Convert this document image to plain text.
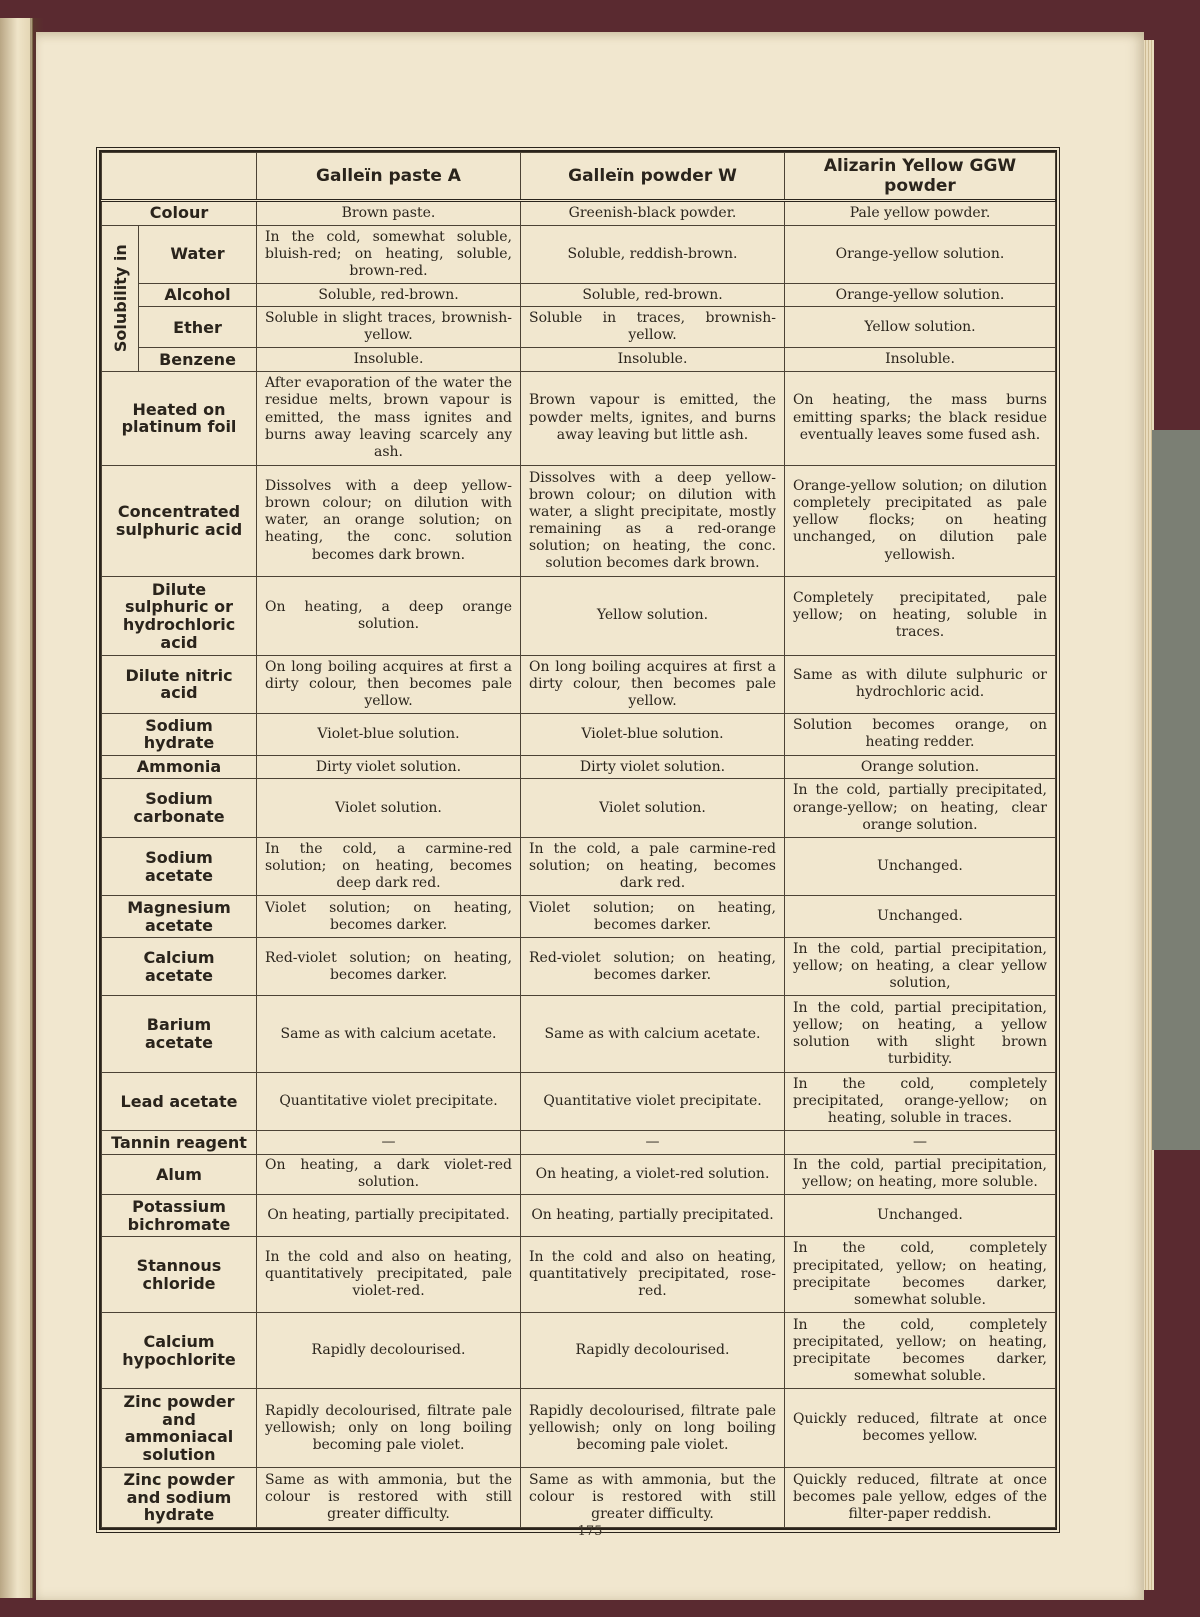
		Galleïn paste A	Galleïn powder W	Alizarin Yellow GGW powder
Colour		Brown paste.	Greenish-black powder.	Pale yellow powder.
Solubility in	Water	In the cold, somewhat soluble, bluish-red; on heating, soluble, brown-red.	Soluble, reddish-brown.	Orange-yellow solution.
	Alcohol	Soluble, red-brown.	Soluble, red-brown.	Orange-yellow solution.
	Ether	Soluble in slight traces, brownish-yellow.	Soluble in traces, brownish-yellow.	Yellow solution.
	Benzene	Insoluble.	Insoluble.	Insoluble.
Heated on platinum foil		After evaporation of the water the residue melts, brown vapour is emitted, the mass ignites and burns away leaving scarcely any ash.	Brown vapour is emitted, the powder melts, ignites, and burns away leaving but little ash.	On heating, the mass burns emitting sparks; the black residue eventually leaves some fused ash.
Concentrated sulphuric acid		Dissolves with a deep yellow-brown colour; on dilution with water, an orange solution; on heating, the conc. solution becomes dark brown.	Dissolves with a deep yellow-brown colour; on dilution with water, a slight precipitate, mostly remaining as a red-orange solution; on heating, the conc. solution becomes dark brown.	Orange-yellow solution; on dilution completely precipitated as pale yellow flocks; on heating unchanged, on dilution pale yellowish.
Dilute sulphuric or hydrochloric acid		On heating, a deep orange solution.	Yellow solution.	Completely precipitated, pale yellow; on heating, soluble in traces.
Dilute nitric acid		On long boiling acquires at first a dirty colour, then becomes pale yellow.	On long boiling acquires at first a dirty colour, then becomes pale yellow.	Same as with dilute sulphuric or hydrochloric acid.
Sodium hydrate		Violet-blue solution.	Violet-blue solution.	Solution becomes orange, on heating redder.
Ammonia		Dirty violet solution.	Dirty violet solution.	Orange solution.
Sodium carbonate		Violet solution.	Violet solution.	In the cold, partially precipitated, orange-yellow; on heating, clear orange solution.
Sodium acetate		In the cold, a carmine-red solution; on heating, becomes deep dark red.	In the cold, a pale carmine-red solution; on heating, becomes dark red.	Unchanged.
Magnesium acetate		Violet solution; on heating, becomes darker.	Violet solution; on heating, becomes darker.	Unchanged.
Calcium acetate		Red-violet solution; on heating, becomes darker.	Red-violet solution; on heating, becomes darker.	In the cold, partial precipitation, yellow; on heating, a clear yellow solution,
Barium acetate		Same as with calcium acetate.	Same as with calcium acetate.	In the cold, partial precipitation, yellow; on heating, a yellow solution with slight brown turbidity.
Lead acetate		Quantitative violet precipitate.	Quantitative violet precipitate.	In the cold, completely precipitated, orange-yellow; on heating, soluble in traces.
Tannin reagent		—	—	—
Alum		On heating, a dark violet-red solution.	On heating, a violet-red solution.	In the cold, partial precipitation, yellow; on heating, more soluble.
Potassium bichromate		On heating, partially precipitated.	On heating, partially precipitated.	Unchanged.
Stannous chloride		In the cold and also on heating, quantitatively precipitated, pale violet-red.	In the cold and also on heating, quantitatively precipitated, rose-red.	In the cold, completely precipitated, yellow; on heating, precipitate becomes darker, somewhat soluble.
Calcium hypochlorite		Rapidly decolourised.	Rapidly decolourised.	In the cold, completely precipitated, yellow; on heating, precipitate becomes darker, somewhat soluble.
Zinc powder and ammoniacal solution		Rapidly decolourised, filtrate pale yellowish; only on long boiling becoming pale violet.	Rapidly decolourised, filtrate pale yellowish; only on long boiling becoming pale violet.	Quickly reduced, filtrate at once becomes yellow.
Zinc powder and sodium hydrate		Same as with ammonia, but the colour is restored with still greater difficulty.	Same as with ammonia, but the colour is restored with still greater difficulty.	Quickly reduced, filtrate at once becomes pale yellow, edges of the filter-paper reddish.
175
